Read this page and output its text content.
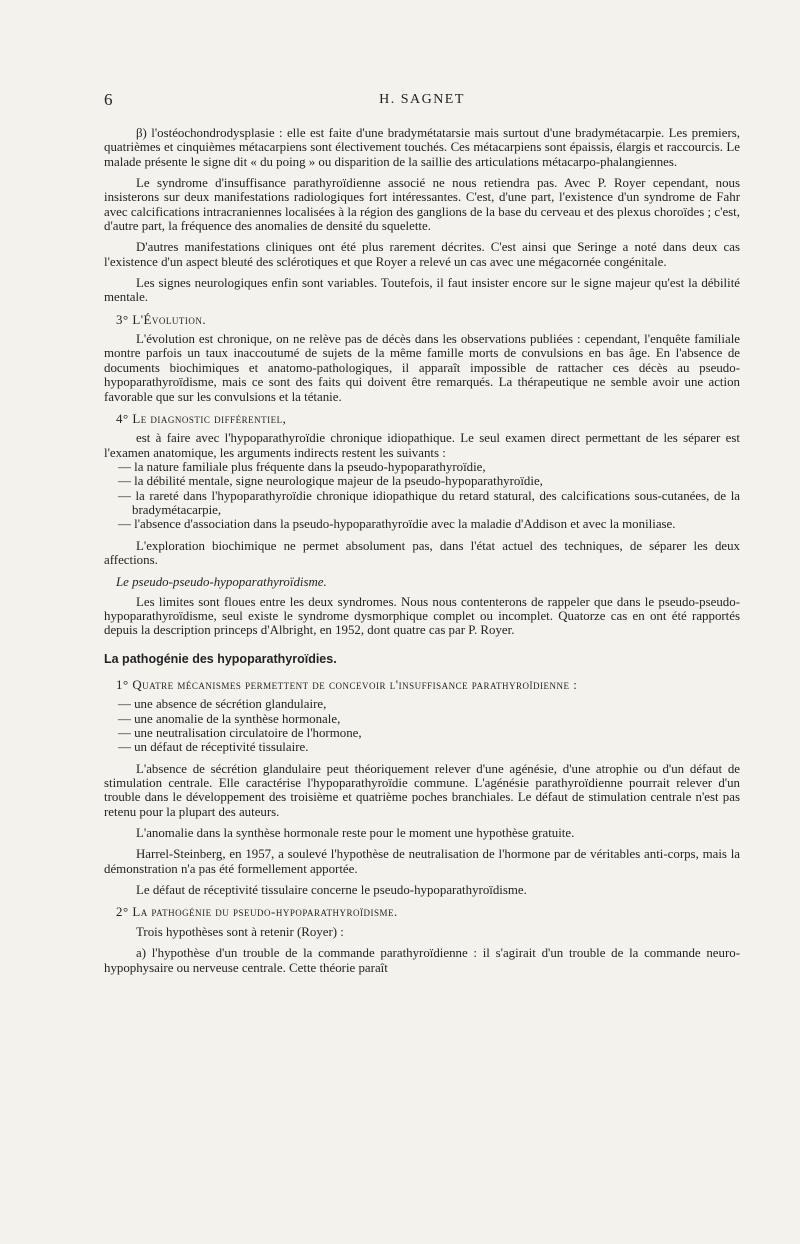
6	H. SAGNET

β) l'ostéochondrodysplasie : elle est faite d'une bradymétatarsie mais surtout d'une bradymétacarpie. Les premiers, quatrièmes et cinquièmes métacarpiens sont électivement touchés. Ces métacarpiens sont épaissis, élargis et raccourcis. Le malade présente le signe dit « du poing » ou disparition de la saillie des articulations métacarpo-phalangiennes.

Le syndrome d'insuffisance parathyroïdienne associé ne nous retiendra pas. Avec P. Royer cependant, nous insisterons sur deux manifestations radiologiques fort intéressantes. C'est, d'une part, l'existence d'un syndrome de Fahr avec calcifications intracraniennes localisées à la région des ganglions de la base du cerveau et des plexus choroïdes ; c'est, d'autre part, la fréquence des anomalies de densité du squelette.

D'autres manifestations cliniques ont été plus rarement décrites. C'est ainsi que Seringe a noté dans deux cas l'existence d'un aspect bleuté des sclérotiques et que Royer a relevé un cas avec une mégacornée congénitale.

Les signes neurologiques enfin sont variables. Toutefois, il faut insister encore sur le signe majeur qu'est la débilité mentale.

3° L'Évolution.

L'évolution est chronique, on ne relève pas de décès dans les observations publiées : cependant, l'enquête familiale montre parfois un taux inaccoutumé de sujets de la même famille morts de convulsions en bas âge. En l'absence de documents biochimiques et anatomo-pathologiques, il apparaît impossible de rattacher ces décès au pseudo-hypoparathyroïdisme, mais ce sont des faits qui doivent être remarqués. La thérapeutique ne semble avoir une action favorable que sur les convulsions et la tétanie.

4° Le diagnostic différentiel,

est à faire avec l'hypoparathyroïdie chronique idiopathique. Le seul examen direct permettant de les séparer est l'examen anatomique, les arguments indirects restent les suivants :

— la nature familiale plus fréquente dans la pseudo-hypoparathyroïdie,

— la débilité mentale, signe neurologique majeur de la pseudo-hypoparathyroïdie,

— la rareté dans l'hypoparathyroïdie chronique idiopathique du retard statural, des calcifications sous-cutanées, de la bradymétacarpie,

— l'absence d'association dans la pseudo-hypoparathyroïdie avec la maladie d'Addison et avec la moniliase.

L'exploration biochimique ne permet absolument pas, dans l'état actuel des techniques, de séparer les deux affections.

Le pseudo-pseudo-hypoparathyroïdisme.

Les limites sont floues entre les deux syndromes. Nous nous contenterons de rappeler que dans le pseudo-pseudo-hypoparathyroïdisme, seul existe le syndrome dysmorphique complet ou incomplet. Quatorze cas en ont été rapportés depuis la description princeps d'Albright, en 1952, dont quatre cas par P. Royer.

La pathogénie des hypoparathyroïdies.

1° Quatre mécanismes permettent de concevoir l'insuffisance parathyroïdienne :

— une absence de sécrétion glandulaire,

— une anomalie de la synthèse hormonale,

— une neutralisation circulatoire de l'hormone,

— un défaut de réceptivité tissulaire.

L'absence de sécrétion glandulaire peut théoriquement relever d'une agénésie, d'une atrophie ou d'un défaut de stimulation centrale. Elle caractérise l'hypoparathyroïdie commune. L'agénésie parathyroïdienne pourrait relever d'un trouble dans le développement des troisième et quatrième poches branchiales. Le défaut de stimulation centrale n'est pas retenu pour la plupart des auteurs.

L'anomalie dans la synthèse hormonale reste pour le moment une hypothèse gratuite.

Harrel-Steinberg, en 1957, a soulevé l'hypothèse de neutralisation de l'hormone par de véritables anti-corps, mais la démonstration n'a pas été formellement apportée.

Le défaut de réceptivité tissulaire concerne le pseudo-hypoparathyroïdisme.

2° La pathogénie du pseudo-hypoparathyroïdisme.

Trois hypothèses sont à retenir (Royer) :

a) l'hypothèse d'un trouble de la commande parathyroïdienne : il s'agirait d'un trouble de la commande neuro-hypophysaire ou nerveuse centrale. Cette théorie paraît
